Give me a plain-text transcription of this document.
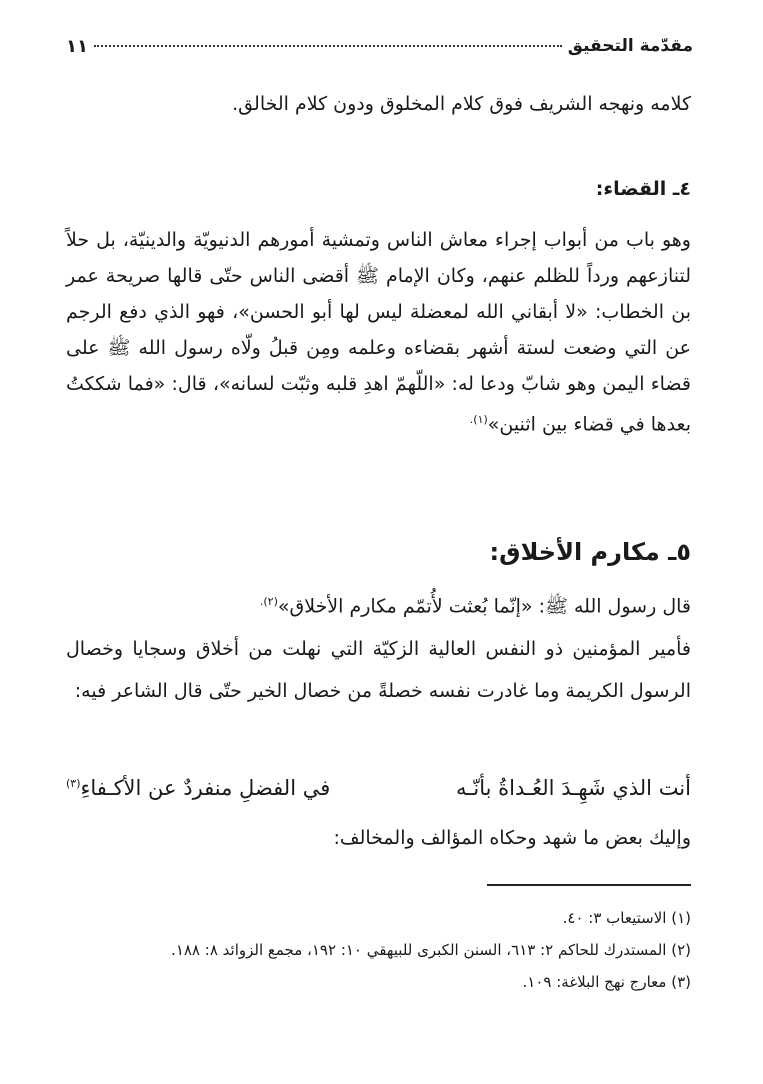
مقدّمة التحقيق
١١
كلامه ونهجه الشريف فوق كلام المخلوق ودون كلام الخالق.
٤ـ القضاء:
وهو باب من أبواب إجراء معاش الناس وتمشية أمورهم الدنيويّة والدينيّة، بل حلاً لتنازعهم ورداً للظلم عنهم، وكان الإمام ﷺ أقضى الناس حتّى قالها صريحة عمر بن الخطاب: «لا أبقاني الله لمعضلة ليس لها أبو الحسن»، فهو الذي دفع الرجم عن التي وضعت لستة أشهر بقضاءه وعلمه ومِن قبلُ ولّاه رسول الله ﷺ على قضاء اليمن وهو شابّ ودعا له: «اللّهمّ اهدِ قلبه وثبّت لسانه»، قال: «فما شككتُ بعدها في قضاء بين اثنين»$^{(١).}$
٥ـ مكارم الأخلاق:
قال رسول الله ﷺ: «إنّما بُعثت لأُتمّم مكارم الأخلاق»$^{(٢).}$
فأمير المؤمنين ذو النفس العالية الزكيّة التي نهلت من أخلاق وسجايا وخصال الرسول الكريمة وما غادرت نفسه خصلةً من خصال الخير حتّى قال الشاعر فيه:
أنت الذي شَهِـدَ العُـداةُ بأنّـه
في الفضلِ منفردٌ عن الأكـفاءِ$^{(٣)}$
وإليك بعض ما شهد وحكاه المؤالف والمخالف:
(١) الاستيعاب ٣: ٤٠.
(٢) المستدرك للحاكم ٢: ٦١٣، السنن الكبرى للبيهقي ١٠: ١٩٢، مجمع الزوائد ٨: ١٨٨.
(٣) معارج نهج البلاغة: ١٠٩.
